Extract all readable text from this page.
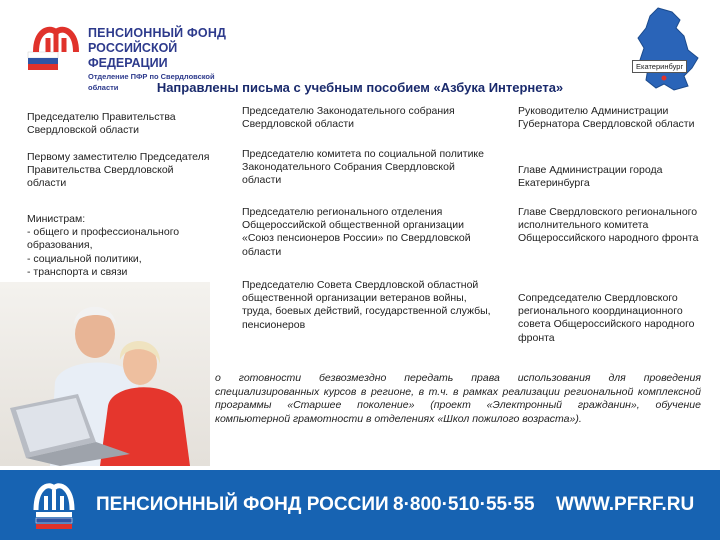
ПЕНСИОННЫЙ ФОНД
РОССИЙСКОЙ ФЕДЕРАЦИИ
Отделение ПФР по Свердловской области
Екатеринбург
Направлены письма с учебным пособием «Азбука Интернета»
Председателю Правительства Свердловской области
Первому заместителю Председателя Правительства Свердловской области
Министрам:
- общего и профессионального образования,
- социальной политики,
- транспорта и связи
Председателю Законодательного собрания Свердловской области
Председателю комитета по социальной политике Законодательного Собрания Свердловской области
Председателю регионального отделения Общероссийской общественной организации «Союз пенсионеров России» по Свердловской области
Председателю Совета Свердловской областной общественной организации ветеранов войны, труда, боевых действий, государственной службы, пенсионеров
Руководителю Администрации Губернатора Свердловской области
Главе Администрации города Екатеринбурга
Главе Свердловского регионального исполнительного комитета Общероссийского народного фронта
Сопредседателю Свердловского регионального координационного совета Общероссийского народного фронта
о готовности безвозмездно передать права использования для проведения специализированных курсов в регионе, в т.ч. в рамках реализации региональной комплексной программы «Старшее поколение» (проект «Электронный гражданин», обучение компьютерной грамотности в отделениях «Школ пожилого возраста»).
ПЕНСИОННЫЙ ФОНД РОССИИ 8·800·510·55·55 WWW.PFRF.RU
